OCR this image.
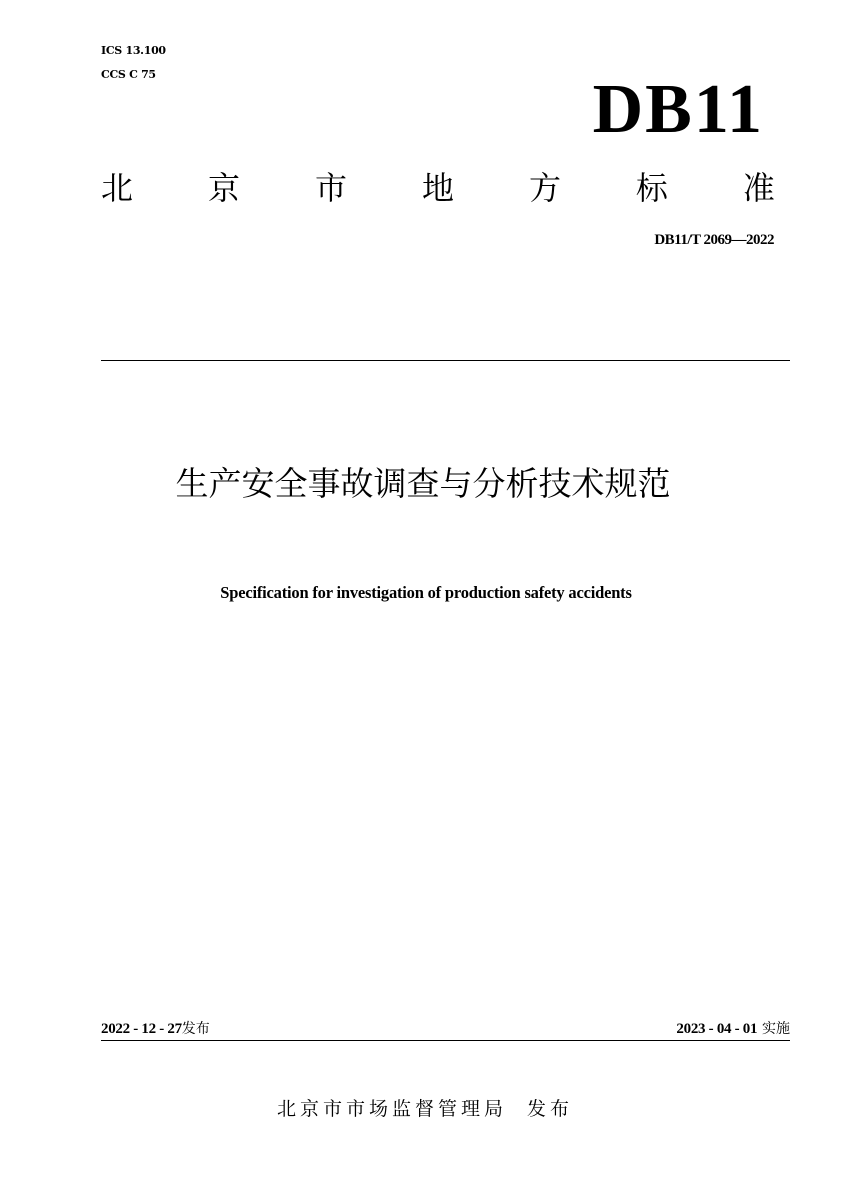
ICS 13.100
CCS C 75	DB11
北 京 市 地 方 标 准
DB11/T 2069—2022
生产安全事故调查与分析技术规范
Specification for investigation of production safety accidents
2022 - 12 - 27发布	2023 - 04 - 01 实施
北京市市场监督管理局 发布
